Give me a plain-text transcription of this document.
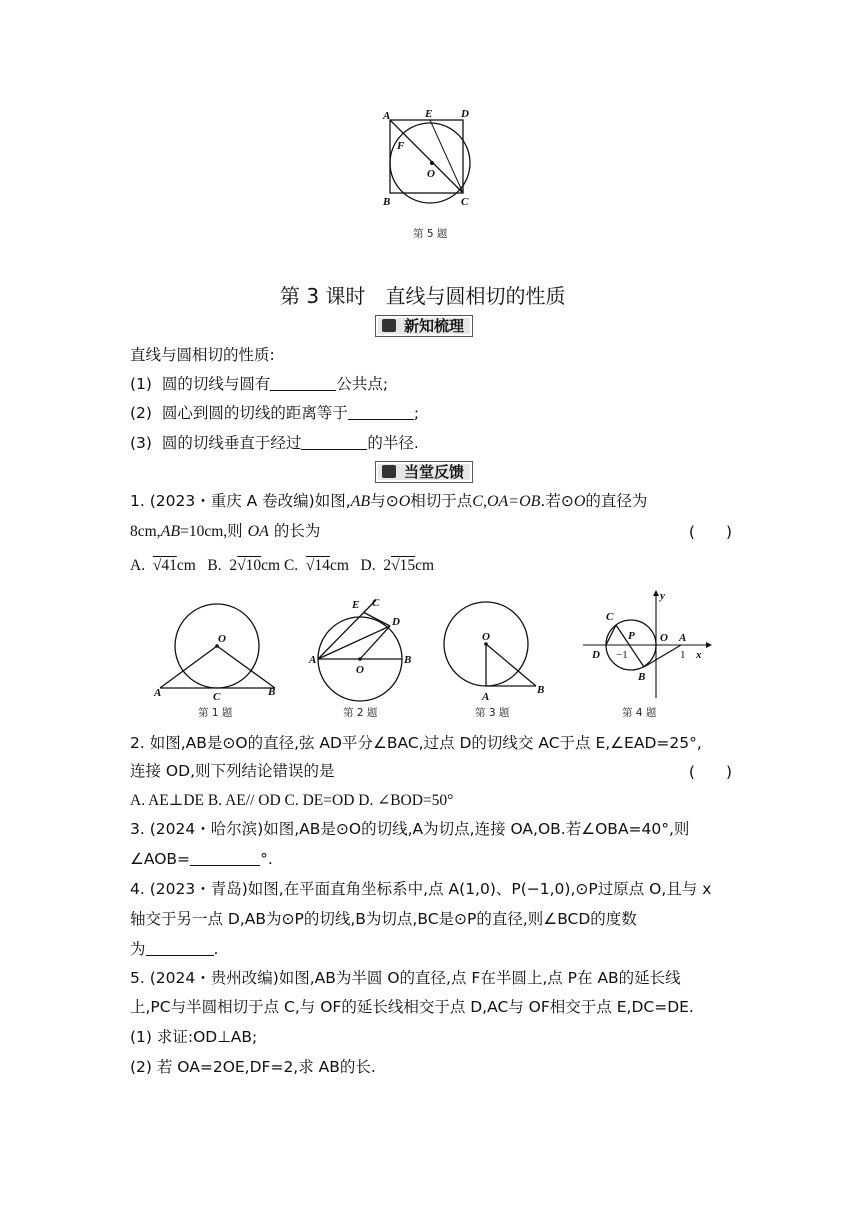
A	E	D
F
O
B	C
第 5 题
第 3 课时　直线与圆相切的性质
新知梳理
直线与圆相切的性质:
(1) 圆的切线与圆有	公共点;
(2) 圆心到圆的切线的距离等于	;
(3) 圆的切线垂直于经过	的半径.
当堂反馈
1. (2023・重庆 A 卷改编)如图,AB与⊙O相切于点C,OA=OB.若⊙O的直径为
8cm,AB=10cm,则 OA 的长为	(　　)
A. √41cm B. 2√10cm C. √14cm D. 2√15cm
O
A	C	B
第 1 题
E C
D
A
O
B
第 2 题
O
A
B
第 3 题
y
C
P O A
D −1	1 x
B
第 4 题
2. 如图,AB是⊙O的直径,弦 AD平分∠BAC,过点 D的切线交 AC于点 E,∠EAD=25°,
连接 OD,则下列结论错误的是	(　　)
A. AE⊥DE B. AE// OD C. DE=OD D. ∠BOD=50°
3. (2024・哈尔滨)如图,AB是⊙O的切线,A为切点,连接 OA,OB.若∠OBA=40°,则
∠AOB=	°.
4. (2023・青岛)如图,在平面直角坐标系中,点 A(1,0)、P(−1,0),⊙P过原点 O,且与 x
轴交于另一点 D,AB为⊙P的切线,B为切点,BC是⊙P的直径,则∠BCD的度数
为	.
5. (2024・贵州改编)如图,AB为半圆 O的直径,点 F在半圆上,点 P在 AB的延长线
上,PC与半圆相切于点 C,与 OF的延长线相交于点 D,AC与 OF相交于点 E,DC=DE.
(1) 求证:OD⊥AB;
(2) 若 OA=2OE,DF=2,求 AB的长.
